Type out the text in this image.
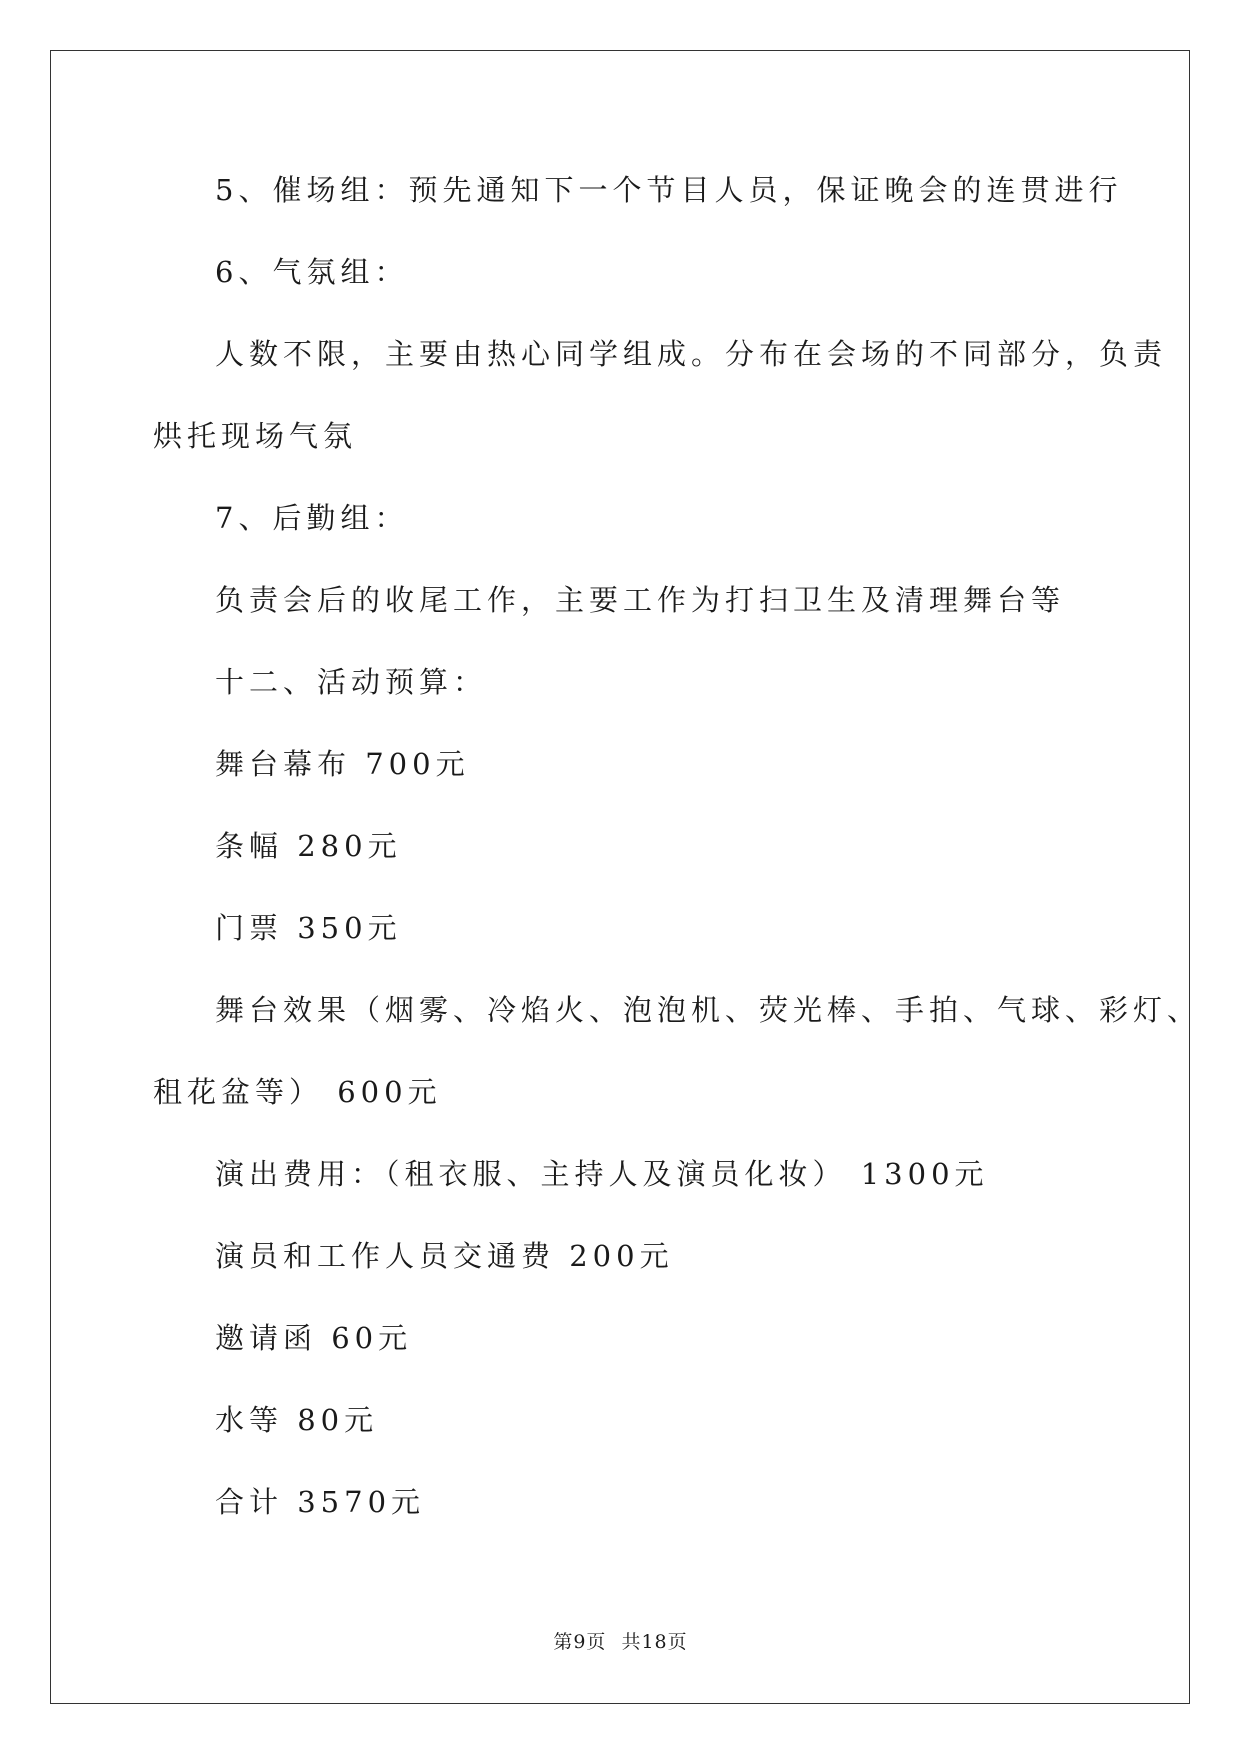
5、催场组：预先通知下一个节目人员，保证晚会的连贯进行
6、气氛组：
人数不限，主要由热心同学组成。分布在会场的不同部分，负责
烘托现场气氛
7、后勤组：
负责会后的收尾工作，主要工作为打扫卫生及清理舞台等
十二、活动预算：
舞台幕布 700元
条幅 280元
门票 350元
舞台效果（烟雾、冷焰火、泡泡机、荧光棒、手拍、气球、彩灯、
租花盆等） 600元
演出费用：（租衣服、主持人及演员化妆） 1300元
演员和工作人员交通费 200元
邀请函 60元
水等 80元
合计 3570元
第9页 共18页
